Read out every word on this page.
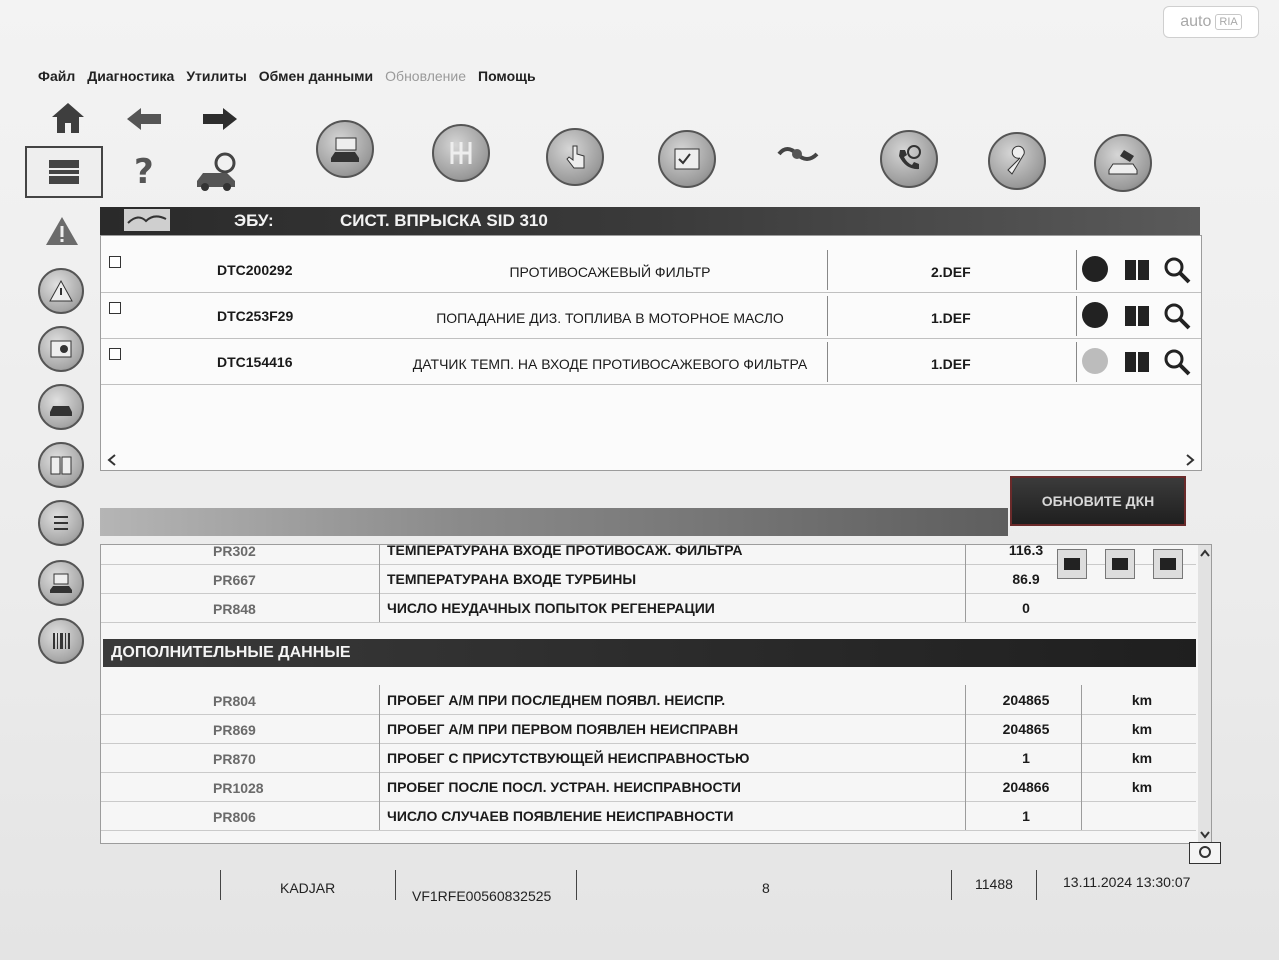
auto RIA
Файл Диагностика Утилиты Обмен данными Обновление Помощь
?
ЭБУ:	СИСТ. ВПРЫСКА SID 310
DTC200292	ПРОТИВОСАЖЕВЫЙ ФИЛЬТР	2.DEF
DTC253F29	ПОПАДАНИЕ ДИЗ. ТОПЛИВА В МОТОРНОЕ МАСЛО	1.DEF
DTC154416	ДАТЧИК ТЕМП. НА ВХОДЕ ПРОТИВОСАЖЕВОГО ФИЛЬТРА	1.DEF
ОБНОВИТЕ ДКН
PR302	ТЕМПЕРАТУРАНА ВХОДЕ ПРОТИВОСАЖ. ФИЛЬТРА	116.3
PR667	ТЕМПЕРАТУРАНА ВХОДЕ ТУРБИНЫ	86.9
PR848	ЧИСЛО НЕУДАЧНЫХ ПОПЫТОК РЕГЕНЕРАЦИИ	0
ДОПОЛНИТЕЛЬНЫЕ ДАННЫЕ
PR804	ПРОБЕГ А/М ПРИ ПОСЛЕДНЕМ ПОЯВЛ. НЕИСПР.	204865	km
PR869	ПРОБЕГ А/М ПРИ ПЕРВОМ ПОЯВЛЕН НЕИСПРАВН	204865	km
PR870	ПРОБЕГ С ПРИСУТСТВУЮЩЕЙ НЕИСПРАВНОСТЬЮ	1	km
PR1028	ПРОБЕГ ПОСЛЕ ПОСЛ. УСТРАН. НЕИСПРАВНОСТИ	204866	km
PR806	ЧИСЛО СЛУЧАЕВ ПОЯВЛЕНИЕ НЕИСПРАВНОСТИ	1
KADJAR	VF1RFE00560832525	8	11488	13.11.2024 13:30:07
